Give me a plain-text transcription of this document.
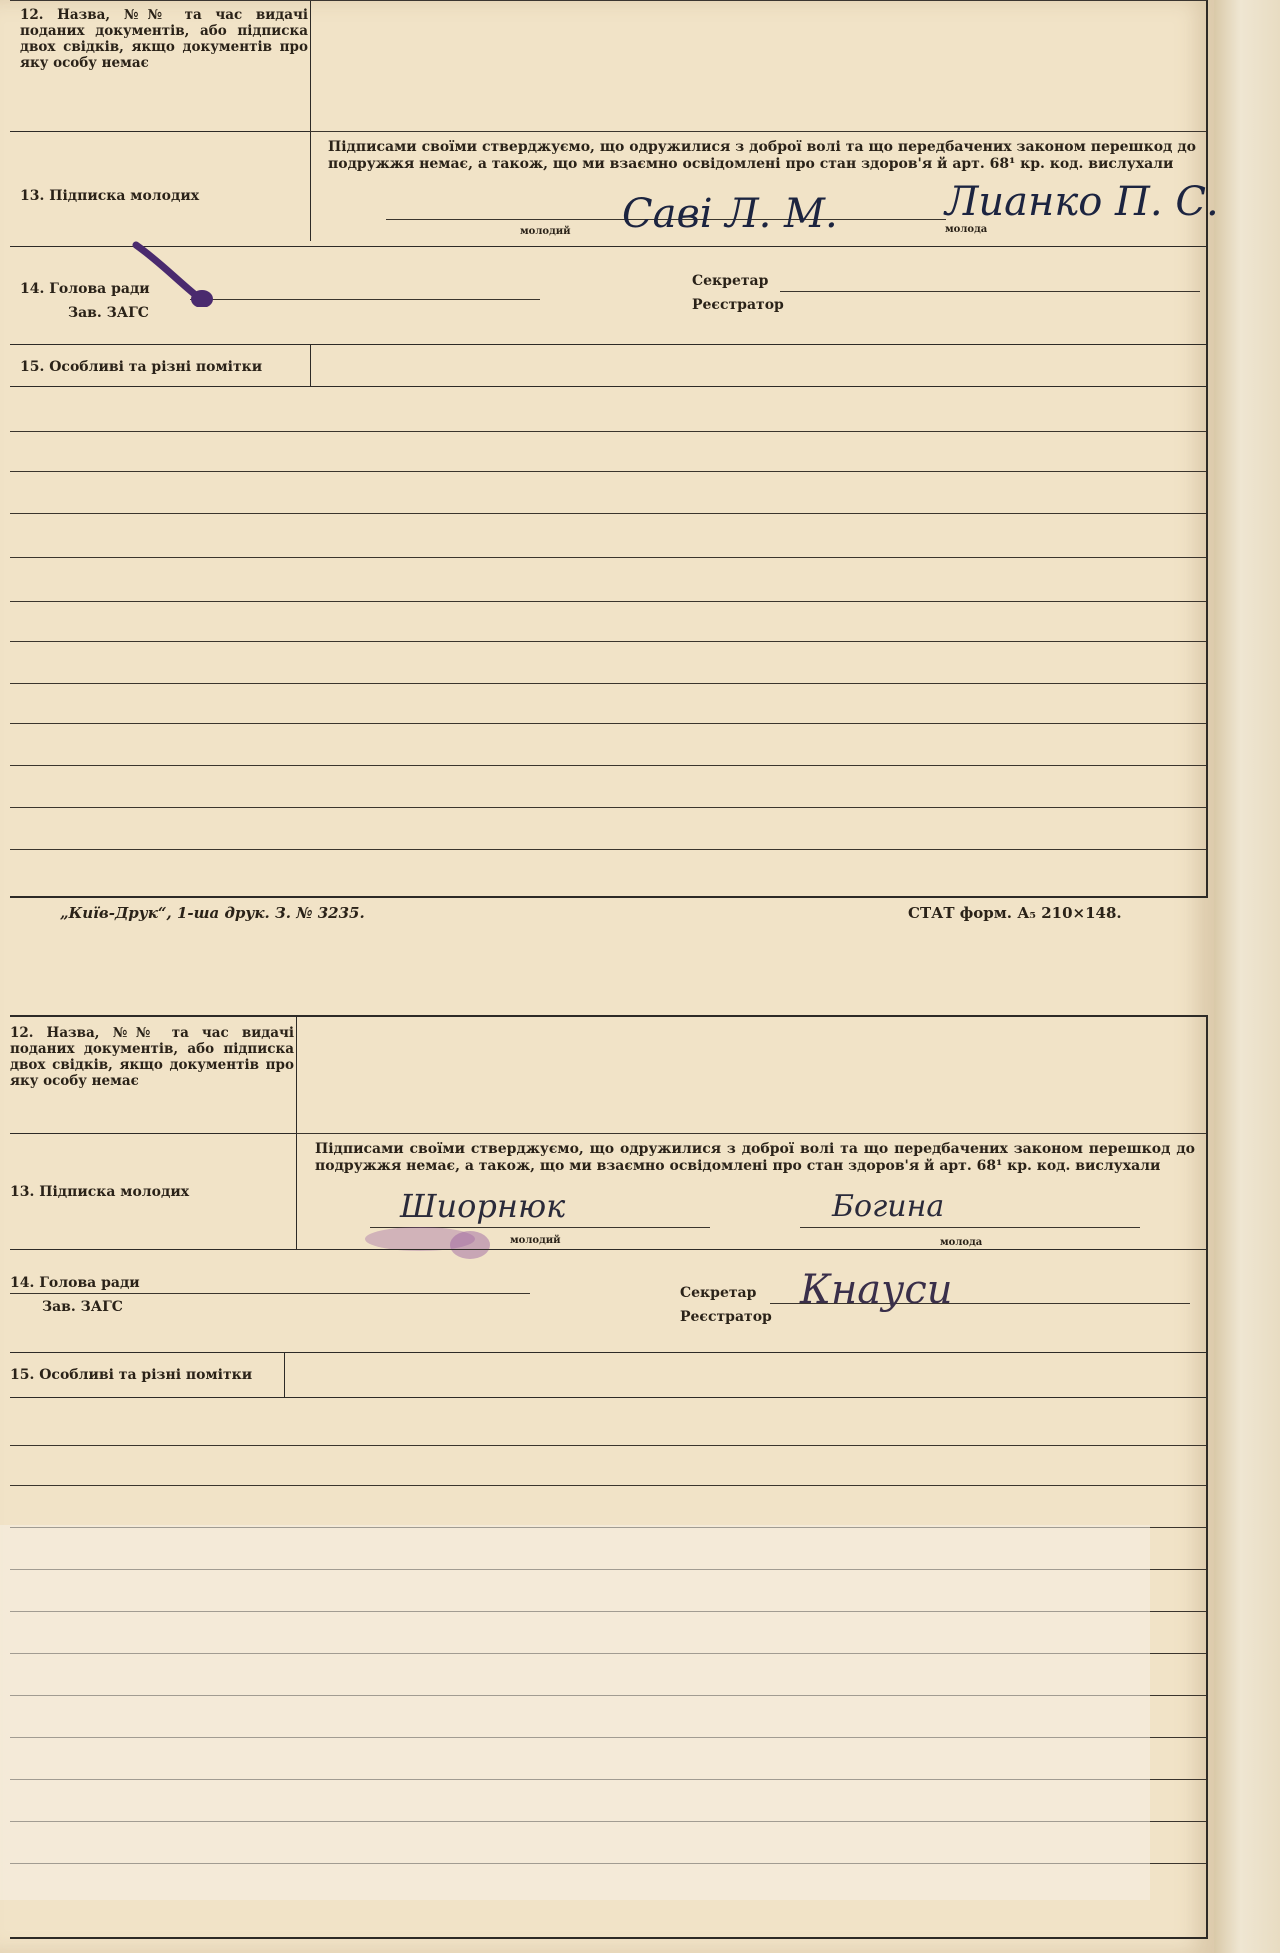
12. Назва, №№ та час видачі поданих документів, або підписка двох свідків, якщо документів про яку особу немає
Підписами своїми стверджуємо, що одружилися з доброї волі та що передбачених законом перешкод до подружжя немає, а також, що ми взаємно освідомлені про стан здоров'я й арт. 68¹ кр. код. вислухали
13. Підписка молодих
молодий	молода
Саві Л. М.	Лианко П. С.
14. Голова ради
Зав. ЗАГС
Секретар
Реєстратор
15. Особливі та різні помітки
„Київ-Друк“, 1-ша друк. З. № 3235.	СТАТ форм. А₅ 210×148.
12. Назва, №№ та час видачі поданих документів, або підписка двох свідків, якщо документів про яку особу немає
Підписами своїми стверджуємо, що одружилися з доброї волі та що передбачених законом перешкод до подружжя немає, а також, що ми взаємно освідомлені про стан здоров'я й арт. 68¹ кр. код. вислухали
13. Підписка молодих
молодий	молода
Шиорнюк	Богина
14. Голова ради
Зав. ЗАГС
Секретар
Реєстратор
Кнауси
15. Особливі та різні помітки
